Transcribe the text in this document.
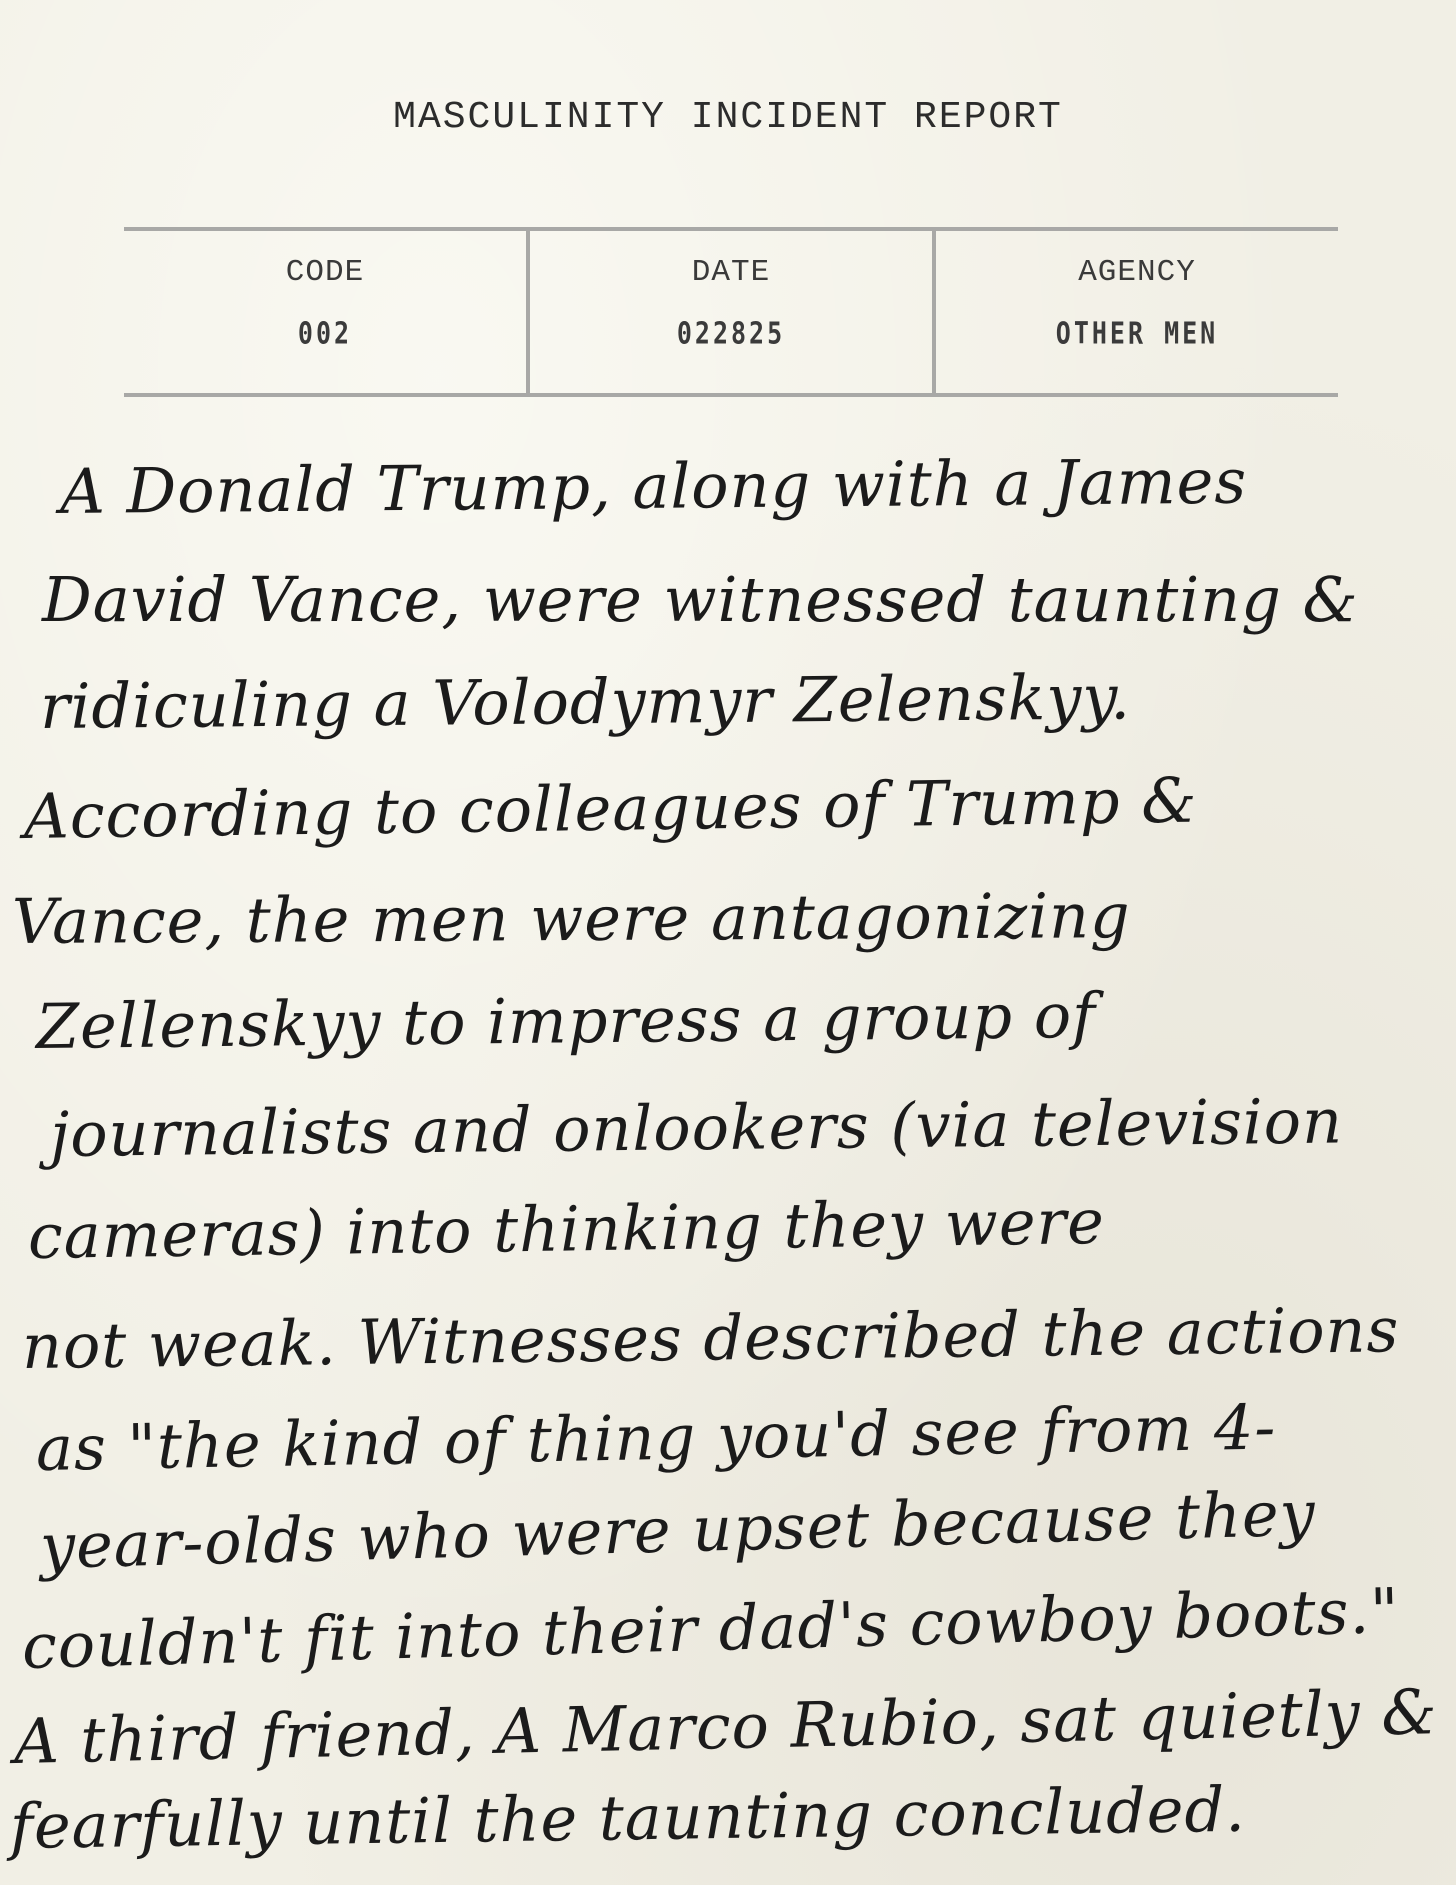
MASCULINITY INCIDENT REPORT
CODE
002
DATE
022825
AGENCY
OTHER MEN
A Donald Trump, along with a James
David Vance, were witnessed taunting &
ridiculing a Volodymyr Zelenskyy.
According to colleagues of Trump &
Vance, the men were antagonizing
Zellenskyy to impress a group of
journalists and onlookers (via television
cameras) into thinking they were
not weak. Witnesses described the actions
as "the kind of thing you'd see from 4-
year-olds who were upset because they
couldn't fit into their dad's cowboy boots."
A third friend, A Marco Rubio, sat quietly &
fearfully until the taunting concluded.
